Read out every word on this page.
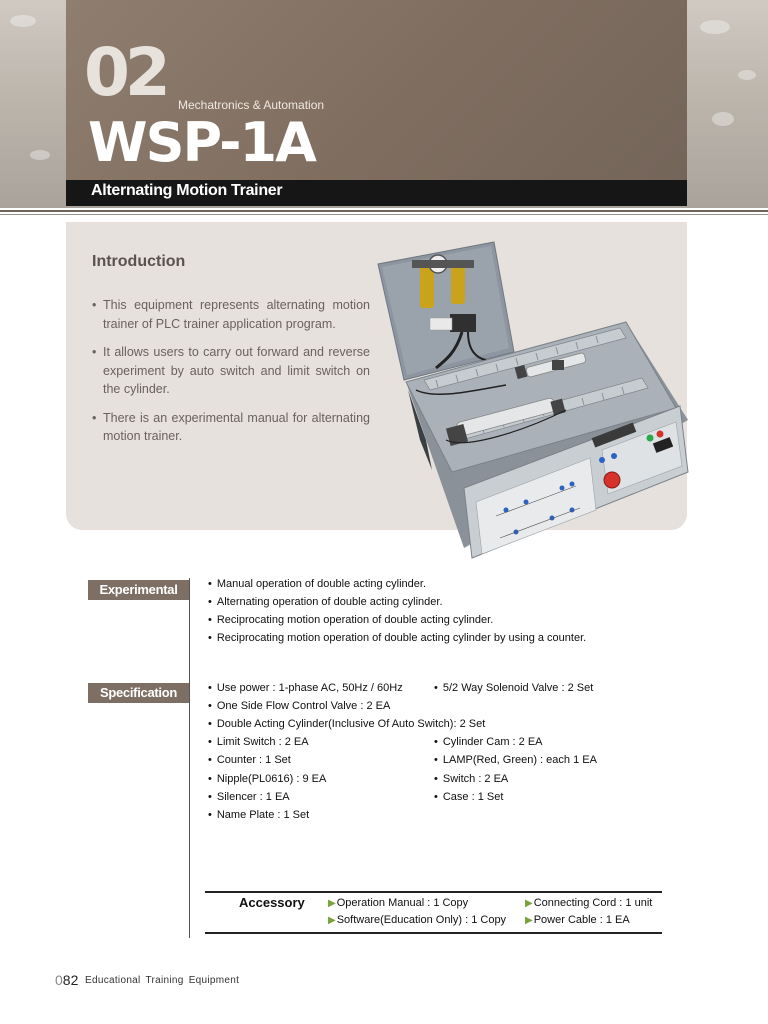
02 Mechatronics & Automation
WSP-1A
Alternating Motion Trainer
Introduction
• This equipment represents alternating motion trainer of PLC trainer application program.
• It allows users to carry out forward and reverse experiment by auto switch and limit switch on the cylinder.
• There is an experimental manual for alternating motion trainer.
Experimental List
• Manual operation of double acting cylinder.
• Alternating operation of double acting cylinder.
• Reciprocating motion operation of double acting cylinder.
• Reciprocating motion operation of double acting cylinder by using a counter.
Specification
•	Use power : 1-phase AC, 50Hz / 60Hz
• One Side Flow Control Valve : 2 EA
• Double Acting Cylinder(Inclusive Of Auto Switch): 2 Set
• Limit Switch : 2 EA
• Counter : 1 Set
• Nipple(PL0616) : 9 EA
• Silencer : 1 EA
• Name Plate : 1 Set
• 5/2 Way Solenoid Valve : 2 Set
• Cylinder Cam : 2 EA
• LAMP(Red, Green) : each 1 EA
• Switch : 2 EA
• Case : 1 Set
Accessory ▶Operation Manual : 1 Copy	▶Connecting Cord : 1 unit
▶Software(Education Only) : 1 Copy ▶Power Cable : 1 EA
082 Educational Training Equipment
